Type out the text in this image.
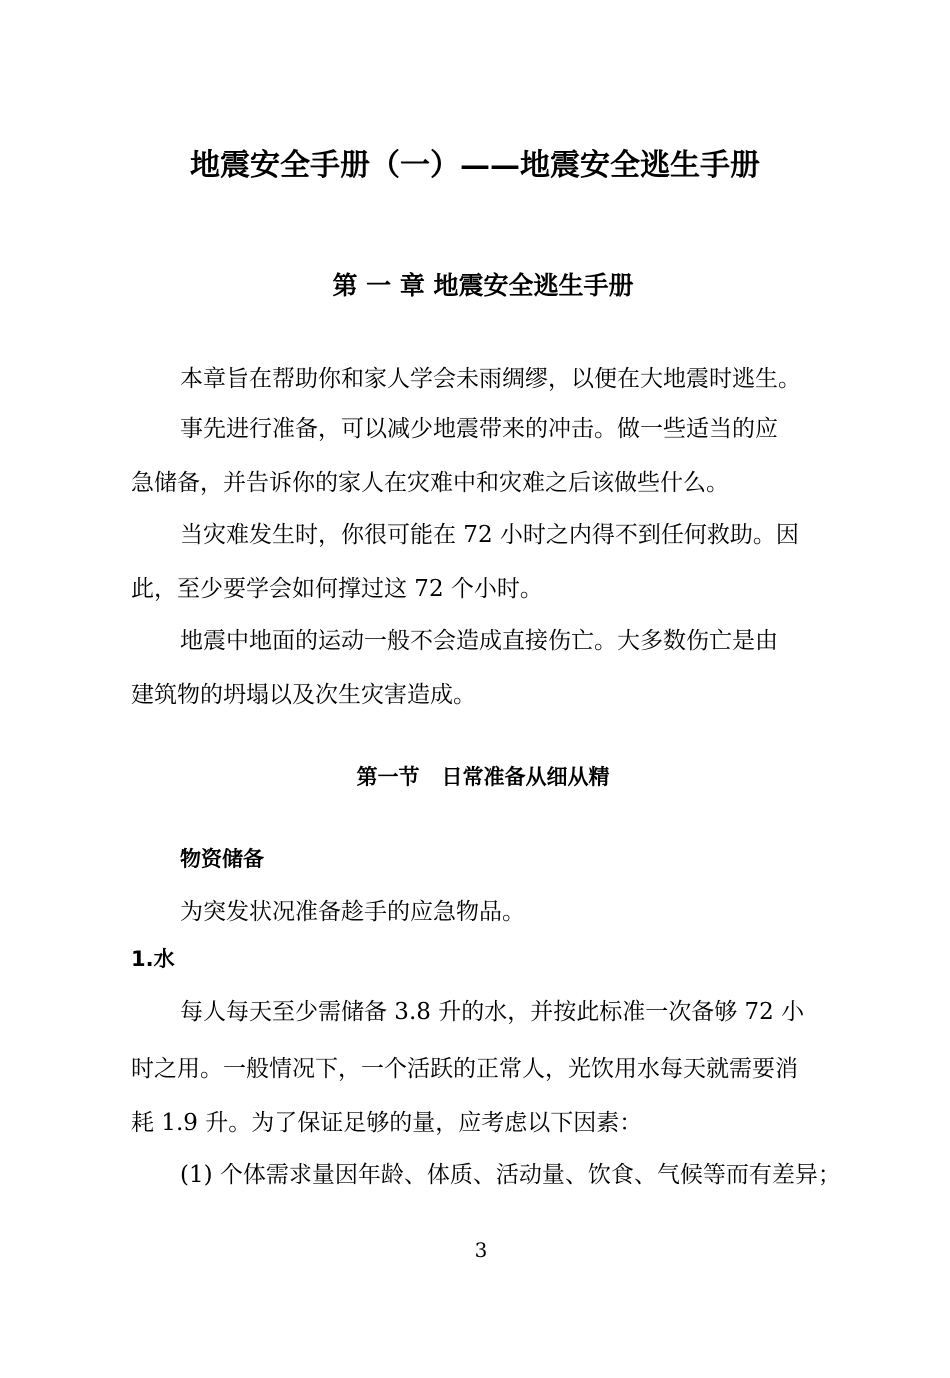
地震安全手册（一）——地震安全逃生手册
第 一 章 地震安全逃生手册
本章旨在帮助你和家人学会未雨绸缪，以便在大地震时逃生。
事先进行准备，可以减少地震带来的冲击。做一些适当的应
急储备，并告诉你的家人在灾难中和灾难之后该做些什么。
当灾难发生时，你很可能在 72 小时之内得不到任何救助。因
此，至少要学会如何撑过这 72 个小时。
地震中地面的运动一般不会造成直接伤亡。大多数伤亡是由
建筑物的坍塌以及次生灾害造成。
第一节   日常准备从细从精
物资储备
为突发状况准备趁手的应急物品。
1.水
每人每天至少需储备 3.8 升的水，并按此标准一次备够 72 小
时之用。一般情况下，一个活跃的正常人，光饮用水每天就需要消
耗 1.9 升。为了保证足够的量，应考虑以下因素：
(1) 个体需求量因年龄、体质、活动量、饮食、气候等而有差异；
3
